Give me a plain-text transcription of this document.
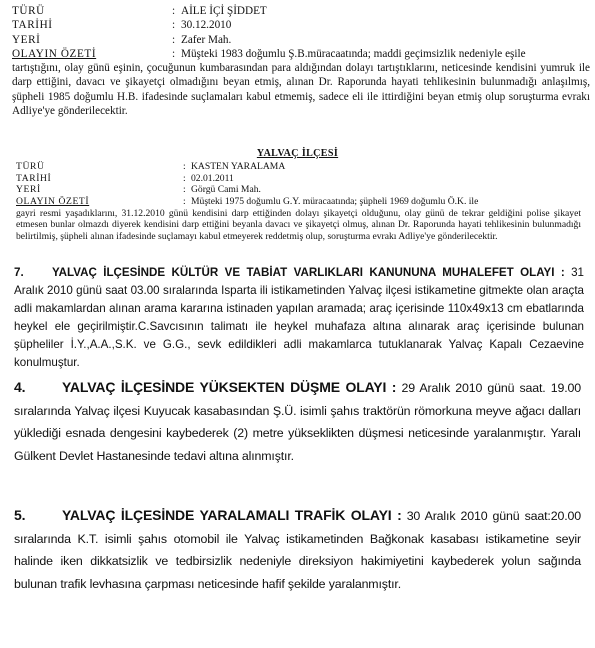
TÜRÜ	: AİLE İÇİ ŞİDDET
TARİHİ	: 30.12.2010
YERİ	: Zafer Mah.
OLAYIN ÖZETİ	: Müşteki 1983 doğumlu Ş.B.müracaatında; maddi geçimsizlik nedeniyle eşile

tartıştığını, olay günü eşinin, çocuğunun kumbarasından para aldığından dolayı tartıştıklarını, neticesinde kendisini yumruk ile darp ettiğini, davacı ve şikayetçi olmadığını beyan etmiş, alınan Dr. Raporunda hayati tehlikesinin bulunmadığı anlaşılmış, şüpheli 1985 doğumlu H.B. ifadesinde suçlamaları kabul etmemiş, sadece eli ile ittirdiğini beyan etmiş olup soruşturma evrakı Adliye'ye gönderilecektir.

YALVAÇ İLÇESİ
TÜRÜ	: KASTEN YARALAMA
TARİHİ	: 02.01.2011
YERİ	: Görgü Cami Mah.
OLAYIN ÖZETİ	: Müşteki 1975 doğumlu G.Y. müracaatında; şüpheli 1969 doğumlu Ö.K. ile

gayri resmi yaşadıklarını, 31.12.2010 günü kendisini darp ettiğinden dolayı şikayetçi olduğunu, olay günü de tekrar geldiğini polise şikayet etmesen bunlar olmazdı diyerek kendisini darp ettiğini beyanla davacı ve şikayetçi olmuş, alınan Dr. Raporunda hayati tehlikesinin bulunmadığı belirtilmiş, şüpheli alınan ifadesinde suçlamayı kabul etmeyerek reddetmiş olup, soruşturma evrakı Adliye'ye gönderilecektir.

7. YALVAÇ İLÇESİNDE KÜLTÜR VE TABİAT VARLIKLARI KANUNUNA MUHALEFET OLAYI : 31 Aralık 2010 günü saat 03.00 sıralarında Isparta ili istikametinden Yalvaç ilçesi istikametine gitmekte olan araçta adli makamlardan alınan arama kararına istinaden yapılan aramada; araç içerisinde 110x49x13 cm ebatlarında heykel ele geçirilmiştir.C.Savcısının talimatı ile heykel muhafaza altına alınarak araç içerisinde bulunan şüpheliler İ.Y.,A.A.,S.K. ve G.G., sevk edildikleri adli makamlarca tutuklanarak Yalvaç Kapalı Cezaevine konulmuştur.
4.	YALVAÇ İLÇESİNDE YÜKSEKTEN DÜŞME OLAYI : 29 Aralık 2010 günü saat. 19.00 sıralarında Yalvaç ilçesi Kuyucak kasabasından Ş.Ü. isimli şahıs traktörün römorkuna meyve ağacı dalları yüklediği esnada dengesini kaybederek (2) metre yükseklikten düşmesi neticesinde yaralanmıştır. Yaralı Gülkent Devlet Hastanesinde tedavi altına alınmıştır.
5.	YALVAÇ İLÇESİNDE YARALAMALI TRAFİK OLAYI : 30 Aralık 2010 günü saat:20.00 sıralarında K.T. isimli şahıs otomobil ile Yalvaç istikametinden Bağkonak kasabası istikametine seyir halinde iken dikkatsizlik ve tedbirsizlik nedeniyle direksiyon hakimiyetini kaybederek yolun sağında bulunan trafik levhasına çarpması neticesinde hafif şekilde yaralanmıştır.
